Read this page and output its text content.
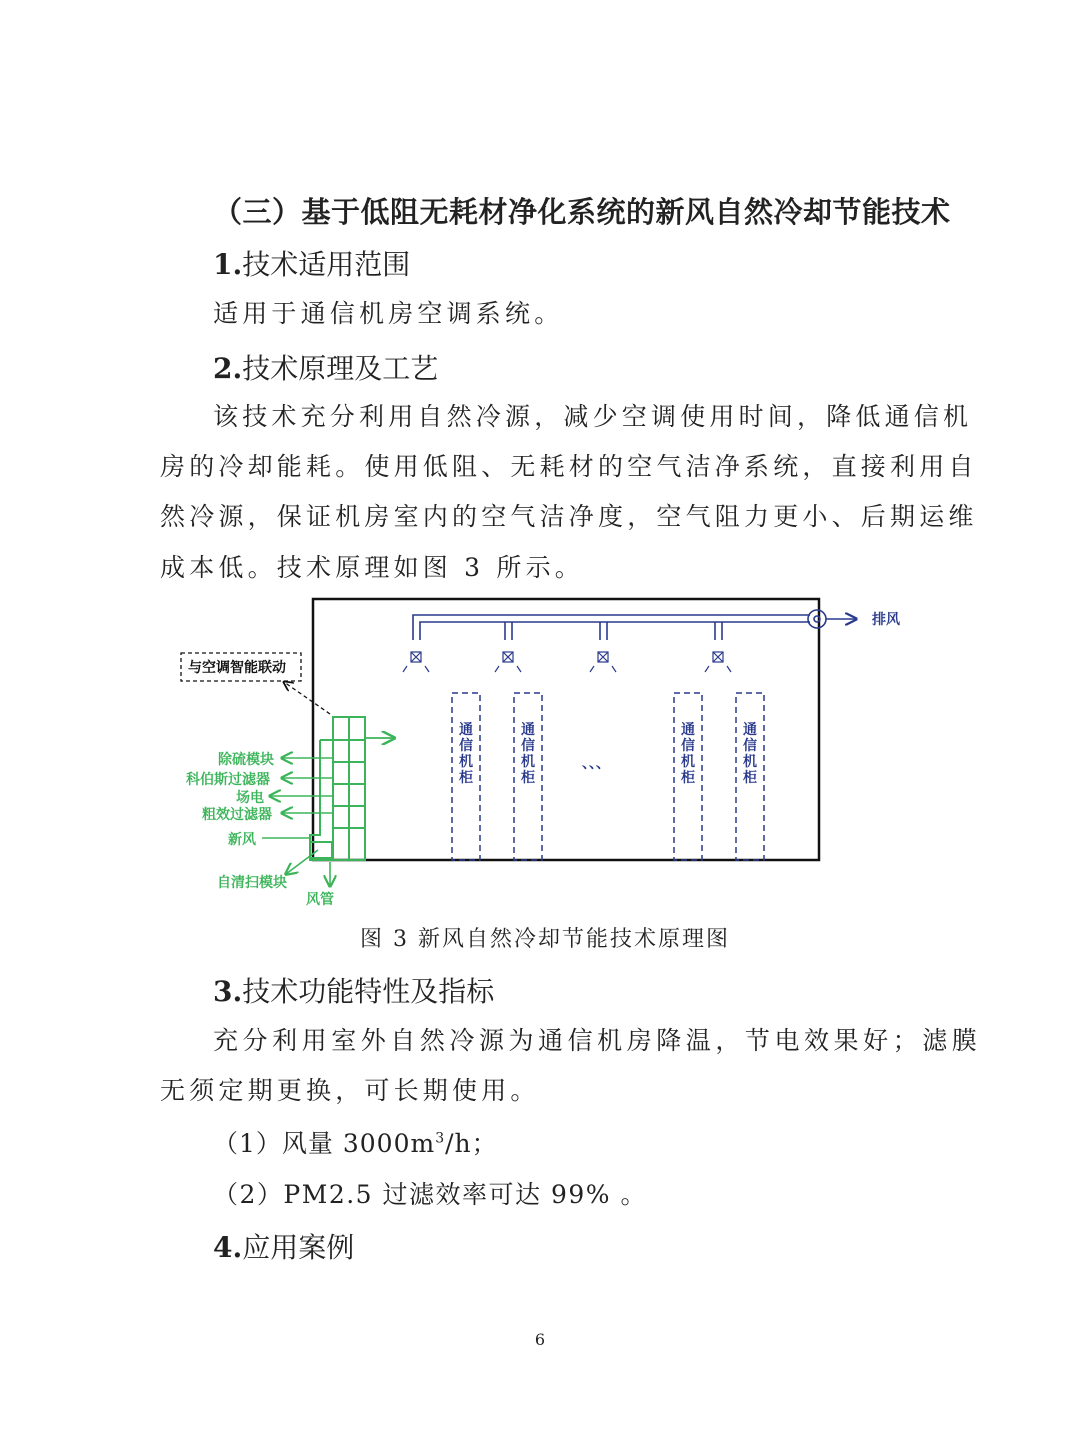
（三）基于低阻无耗材净化系统的新风自然冷却节能技术
1.技术适用范围

适用于通信机房空调系统。

2.技术原理及工艺

该技术充分利用自然冷源，减少空调使用时间，降低通信机

房的冷却能耗。使用低阻、无耗材的空气洁净系统，直接利用自

然冷源，保证机房室内的空气洁净度，空气阻力更小、后期运维

成本低。技术原理如图 3 所示。

排风
通
信
机
柜
通
信
机
柜
通
信
机
柜
通
信
机
柜
、、、
与空调智能联动
除硫模块
科伯斯过滤器
场电
粗效过滤器
新风
自清扫模块
风管

图 3 新风自然冷却节能技术原理图

3.技术功能特性及指标

充分利用室外自然冷源为通信机房降温，节电效果好；滤膜

无须定期更换，可长期使用。

（1）风量 $3000m^3/h$；

（2）PM2.5 过滤效率可达 99% 。

4.应用案例

6
